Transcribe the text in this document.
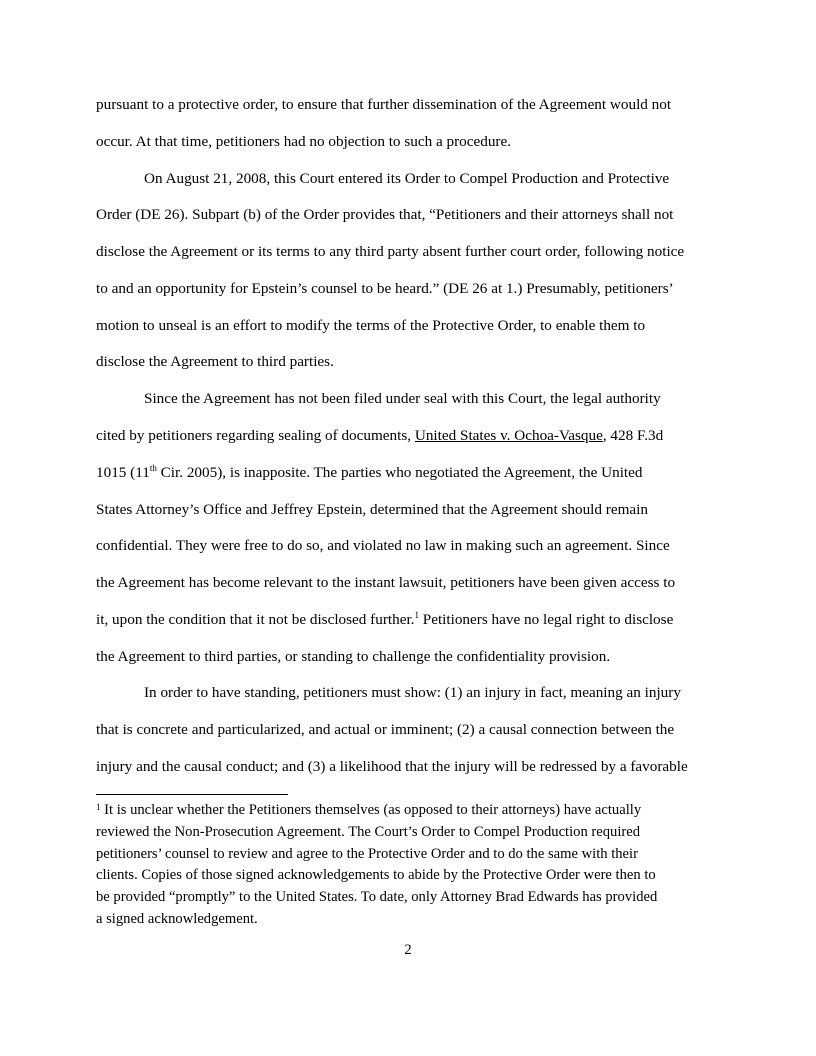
pursuant to a protective order, to ensure that further dissemination of the Agreement would not
occur. At that time, petitioners had no objection to such a procedure.
On August 21, 2008, this Court entered its Order to Compel Production and Protective
Order (DE 26). Subpart (b) of the Order provides that, “Petitioners and their attorneys shall not
disclose the Agreement or its terms to any third party absent further court order, following notice
to and an opportunity for Epstein’s counsel to be heard.” (DE 26 at 1.) Presumably, petitioners’
motion to unseal is an effort to modify the terms of the Protective Order, to enable them to
disclose the Agreement to third parties.
Since the Agreement has not been filed under seal with this Court, the legal authority
cited by petitioners regarding sealing of documents, United States v. Ochoa-Vasque, 428 F.3d
1015 (11th Cir. 2005), is inapposite. The parties who negotiated the Agreement, the United
States Attorney’s Office and Jeffrey Epstein, determined that the Agreement should remain
confidential. They were free to do so, and violated no law in making such an agreement. Since
the Agreement has become relevant to the instant lawsuit, petitioners have been given access to
it, upon the condition that it not be disclosed further.$^1$ Petitioners have no legal right to disclose
the Agreement to third parties, or standing to challenge the confidentiality provision.
In order to have standing, petitioners must show: (1) an injury in fact, meaning an injury
that is concrete and particularized, and actual or imminent; (2) a causal connection between the
injury and the causal conduct; and (3) a likelihood that the injury will be redressed by a favorable
$^1$ It is unclear whether the Petitioners themselves (as opposed to their attorneys) have actually
reviewed the Non-Prosecution Agreement. The Court’s Order to Compel Production required
petitioners’ counsel to review and agree to the Protective Order and to do the same with their
clients. Copies of those signed acknowledgements to abide by the Protective Order were then to
be provided “promptly” to the United States. To date, only Attorney Brad Edwards has provided
a signed acknowledgement.
2
